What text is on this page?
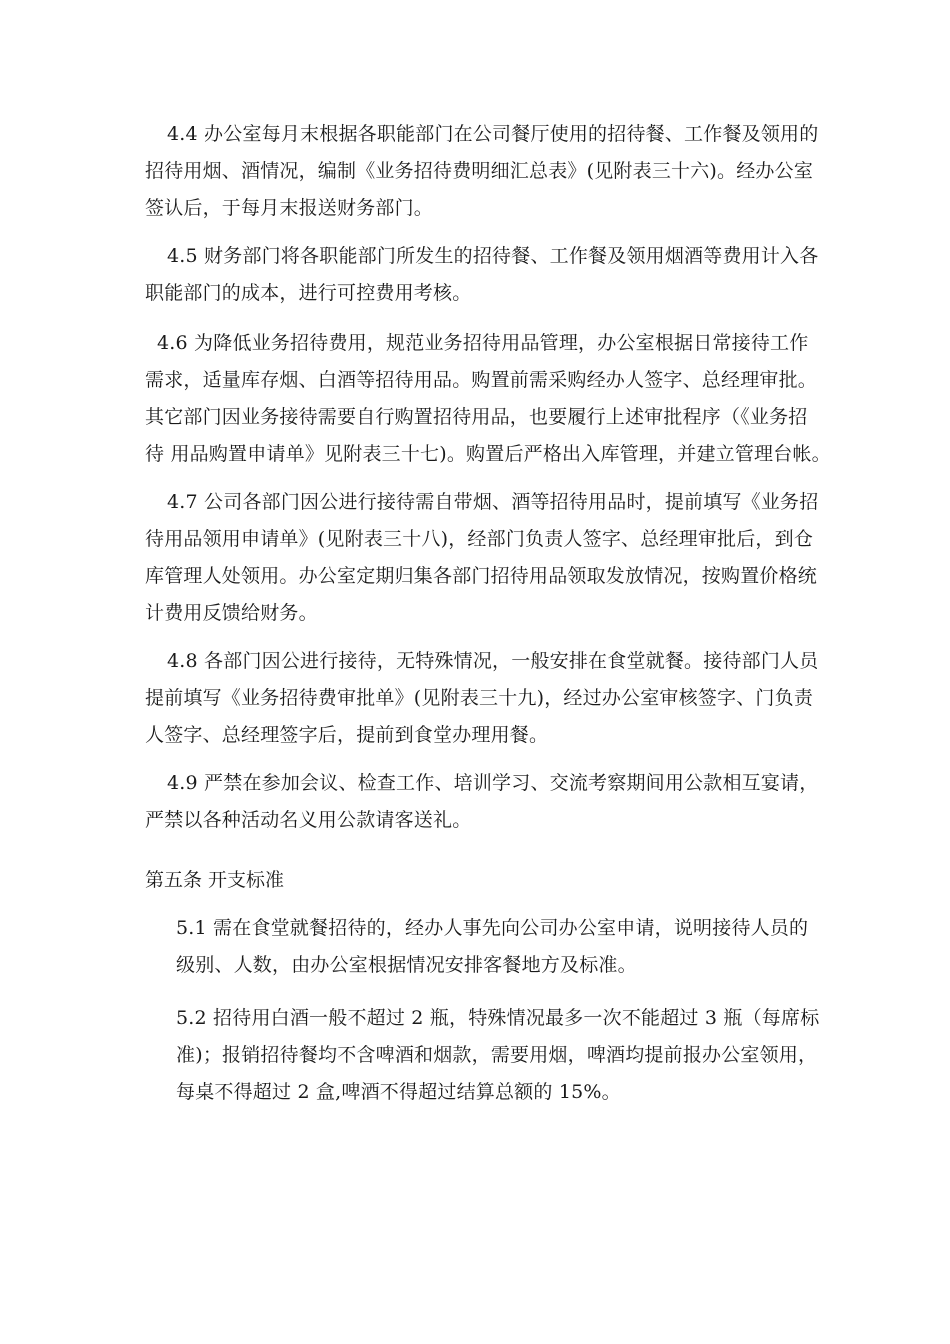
4.4 办公室每月末根据各职能部门在公司餐厅使用的招待餐、工作餐及领用的
招待用烟、酒情况，编制《业务招待费明细汇总表》(见附表三十六)。经办公室
签认后，于每月末报送财务部门。
4.5 财务部门将各职能部门所发生的招待餐、工作餐及领用烟酒等费用计入各
职能部门的成本，进行可控费用考核。
4.6 为降低业务招待费用，规范业务招待用品管理，办公室根据日常接待工作
需求，适量库存烟、白酒等招待用品。购置前需采购经办人签字、总经理审批。
其它部门因业务接待需要自行购置招待用品，也要履行上述审批程序（《业务招
待 用品购置申请单》见附表三十七)。购置后严格出入库管理，并建立管理台帐。
4.7 公司各部门因公进行接待需自带烟、酒等招待用品时，提前填写《业务招
待用品领用申请单》(见附表三十八)，经部门负责人签字、总经理审批后，到仓
库管理人处领用。办公室定期归集各部门招待用品领取发放情况，按购置价格统
计费用反馈给财务。
4.8 各部门因公进行接待，无特殊情况，一般安排在食堂就餐。接待部门人员
提前填写《业务招待费审批单》(见附表三十九)，经过办公室审核签字、门负责
人签字、总经理签字后，提前到食堂办理用餐。
4.9 严禁在参加会议、检查工作、培训学习、交流考察期间用公款相互宴请，
严禁以各种活动名义用公款请客送礼。
第五条 开支标准
5.1 需在食堂就餐招待的，经办人事先向公司办公室申请，说明接待人员的
级别、人数，由办公室根据情况安排客餐地方及标准。
5.2 招待用白酒一般不超过 2 瓶，特殊情况最多一次不能超过 3 瓶（每席标
准)；报销招待餐均不含啤酒和烟款，需要用烟，啤酒均提前报办公室领用，
每桌不得超过 2 盒,啤酒不得超过结算总额的 15%。
